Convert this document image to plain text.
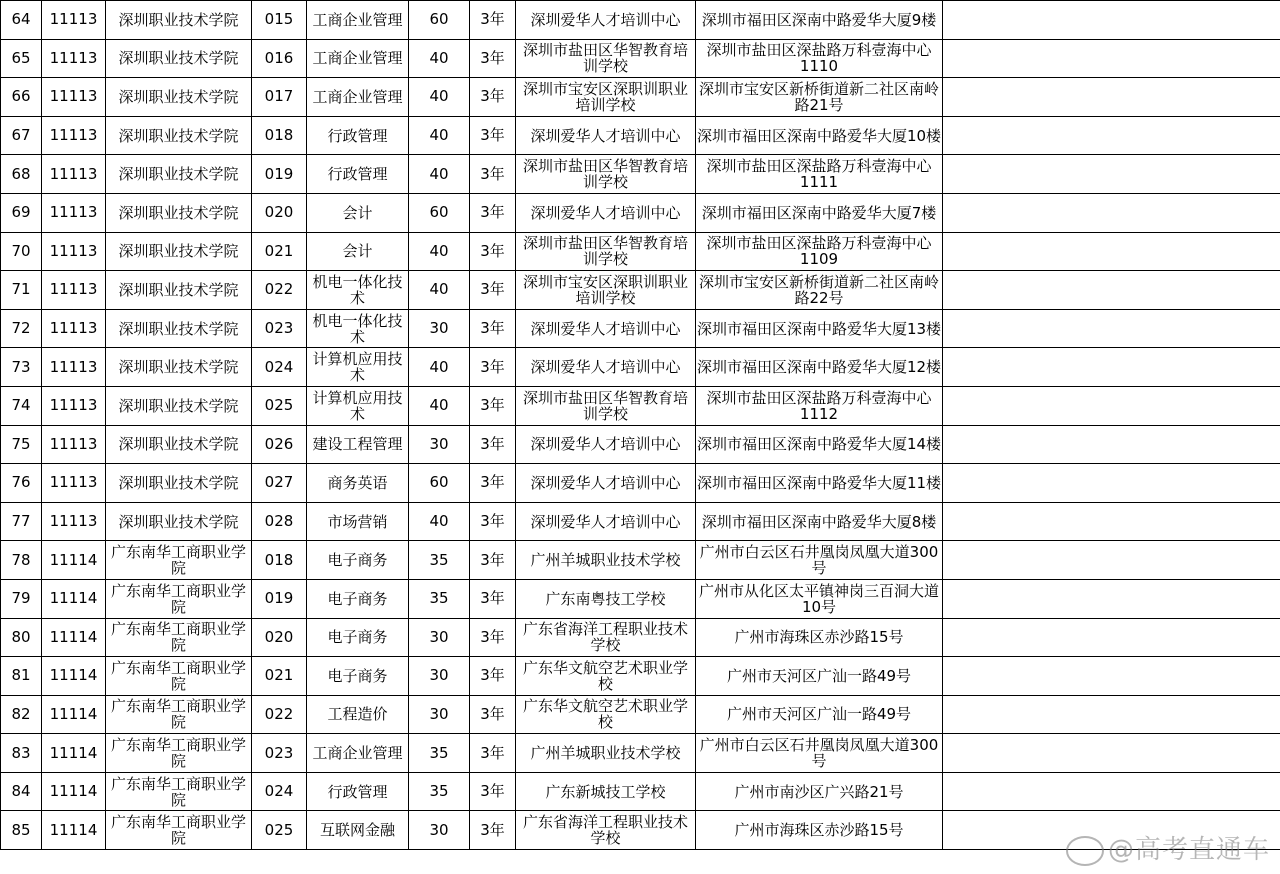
64	11113	深圳职业技术学院	015	工商企业管理	60	3年	深圳爱华人才培训中心	深圳市福田区深南中路爱华大厦9楼	
65	11113	深圳职业技术学院	016	工商企业管理	40	3年	深圳市盐田区华智教育培训学校	深圳市盐田区深盐路万科壹海中心1110	
66	11113	深圳职业技术学院	017	工商企业管理	40	3年	深圳市宝安区深职训职业培训学校	深圳市宝安区新桥街道新二社区南岭路21号	
67	11113	深圳职业技术学院	018	行政管理	40	3年	深圳爱华人才培训中心	深圳市福田区深南中路爱华大厦10楼	
68	11113	深圳职业技术学院	019	行政管理	40	3年	深圳市盐田区华智教育培训学校	深圳市盐田区深盐路万科壹海中心1111	
69	11113	深圳职业技术学院	020	会计	60	3年	深圳爱华人才培训中心	深圳市福田区深南中路爱华大厦7楼	
70	11113	深圳职业技术学院	021	会计	40	3年	深圳市盐田区华智教育培训学校	深圳市盐田区深盐路万科壹海中心1109	
71	11113	深圳职业技术学院	022	机电一体化技术	40	3年	深圳市宝安区深职训职业培训学校	深圳市宝安区新桥街道新二社区南岭路22号	
72	11113	深圳职业技术学院	023	机电一体化技术	30	3年	深圳爱华人才培训中心	深圳市福田区深南中路爱华大厦13楼	
73	11113	深圳职业技术学院	024	计算机应用技术	40	3年	深圳爱华人才培训中心	深圳市福田区深南中路爱华大厦12楼	
74	11113	深圳职业技术学院	025	计算机应用技术	40	3年	深圳市盐田区华智教育培训学校	深圳市盐田区深盐路万科壹海中心1112	
75	11113	深圳职业技术学院	026	建设工程管理	30	3年	深圳爱华人才培训中心	深圳市福田区深南中路爱华大厦14楼	
76	11113	深圳职业技术学院	027	商务英语	60	3年	深圳爱华人才培训中心	深圳市福田区深南中路爱华大厦11楼	
77	11113	深圳职业技术学院	028	市场营销	40	3年	深圳爱华人才培训中心	深圳市福田区深南中路爱华大厦8楼	
78	11114	广东南华工商职业学院	018	电子商务	35	3年	广州羊城职业技术学校	广州市白云区石井凰岗凤凰大道300号	
79	11114	广东南华工商职业学院	019	电子商务	35	3年	广东南粤技工学校	广州市从化区太平镇神岗三百洞大道10号	
80	11114	广东南华工商职业学院	020	电子商务	30	3年	广东省海洋工程职业技术学校	广州市海珠区赤沙路15号	
81	11114	广东南华工商职业学院	021	电子商务	30	3年	广东华文航空艺术职业学校	广州市天河区广汕一路49号	
82	11114	广东南华工商职业学院	022	工程造价	30	3年	广东华文航空艺术职业学校	广州市天河区广汕一路49号	
83	11114	广东南华工商职业学院	023	工商企业管理	35	3年	广州羊城职业技术学校	广州市白云区石井凰岗凤凰大道300号	
84	11114	广东南华工商职业学院	024	行政管理	35	3年	广东新城技工学校	广州市南沙区广兴路21号	
85	11114	广东南华工商职业学院	025	互联网金融	30	3年	广东省海洋工程职业技术学校	广州市海珠区赤沙路15号	
@高考直通车
